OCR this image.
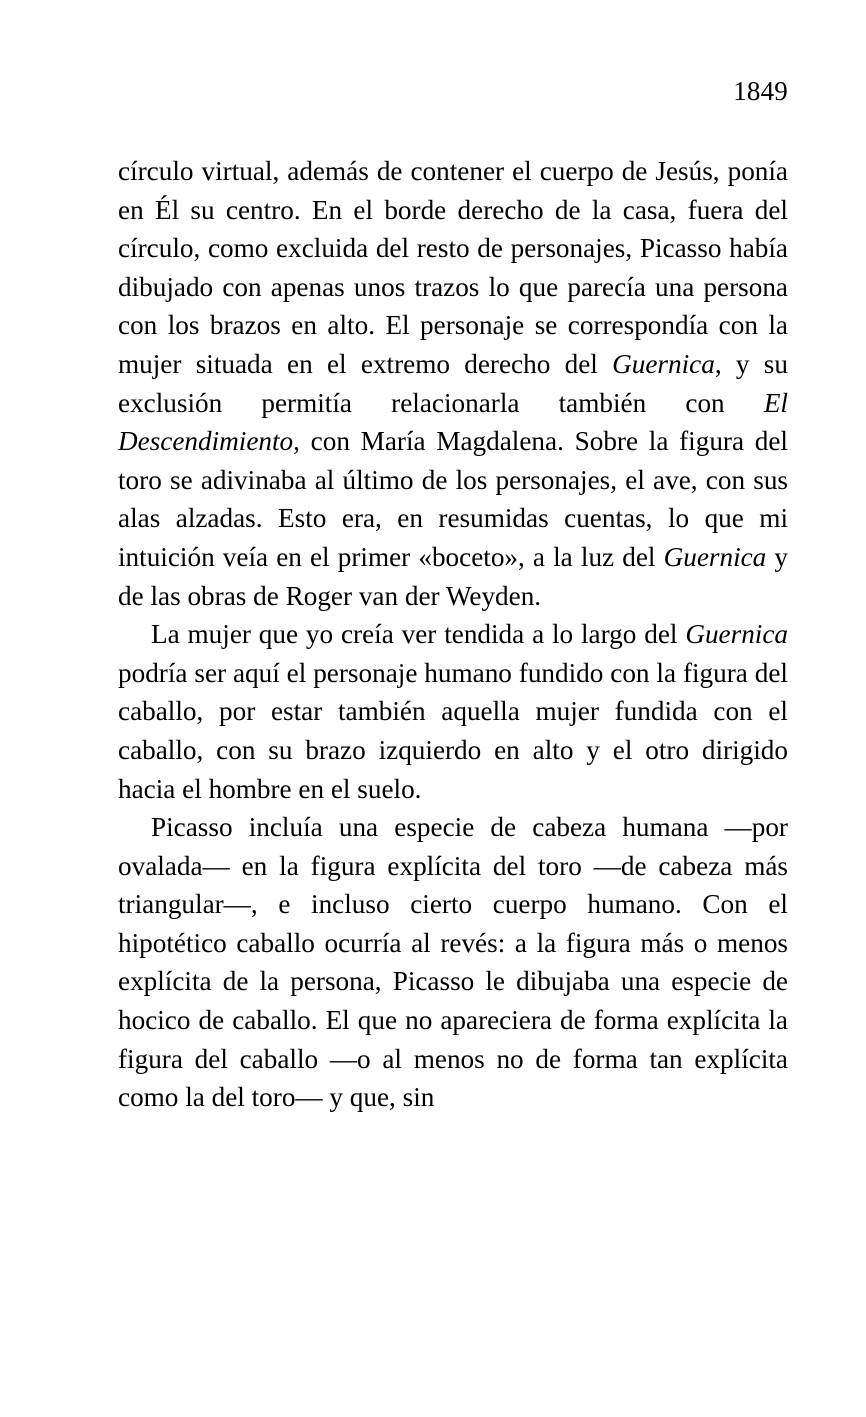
1849

círculo virtual, además de contener el cuerpo de Jesús, ponía en Él su centro. En el borde derecho de la casa, fuera del círculo, como excluida del resto de personajes, Picasso había dibujado con apenas unos trazos lo que parecía una persona con los brazos en alto. El personaje se correspondía con la mujer situada en el extremo derecho del Guernica, y su exclusión permitía relacionarla también con El Descendimiento, con María Magdalena. Sobre la figura del toro se adivinaba al último de los personajes, el ave, con sus alas alzadas. Esto era, en resumidas cuentas, lo que mi intuición veía en el primer «boceto», a la luz del Guernica y de las obras de Roger van der Weyden.

La mujer que yo creía ver tendida a lo largo del Guernica podría ser aquí el personaje humano fundido con la figura del caballo, por estar también aquella mujer fundida con el caballo, con su brazo izquierdo en alto y el otro dirigido hacia el hombre en el suelo.

Picasso incluía una especie de cabeza humana —por ovalada— en la figura explícita del toro —de cabeza más triangular—, e incluso cierto cuerpo humano. Con el hipotético caballo ocurría al revés: a la figura más o menos explícita de la persona, Picasso le dibujaba una especie de hocico de caballo. El que no apareciera de forma explícita la figura del caballo —o al menos no de forma tan explícita como la del toro— y que, sin
